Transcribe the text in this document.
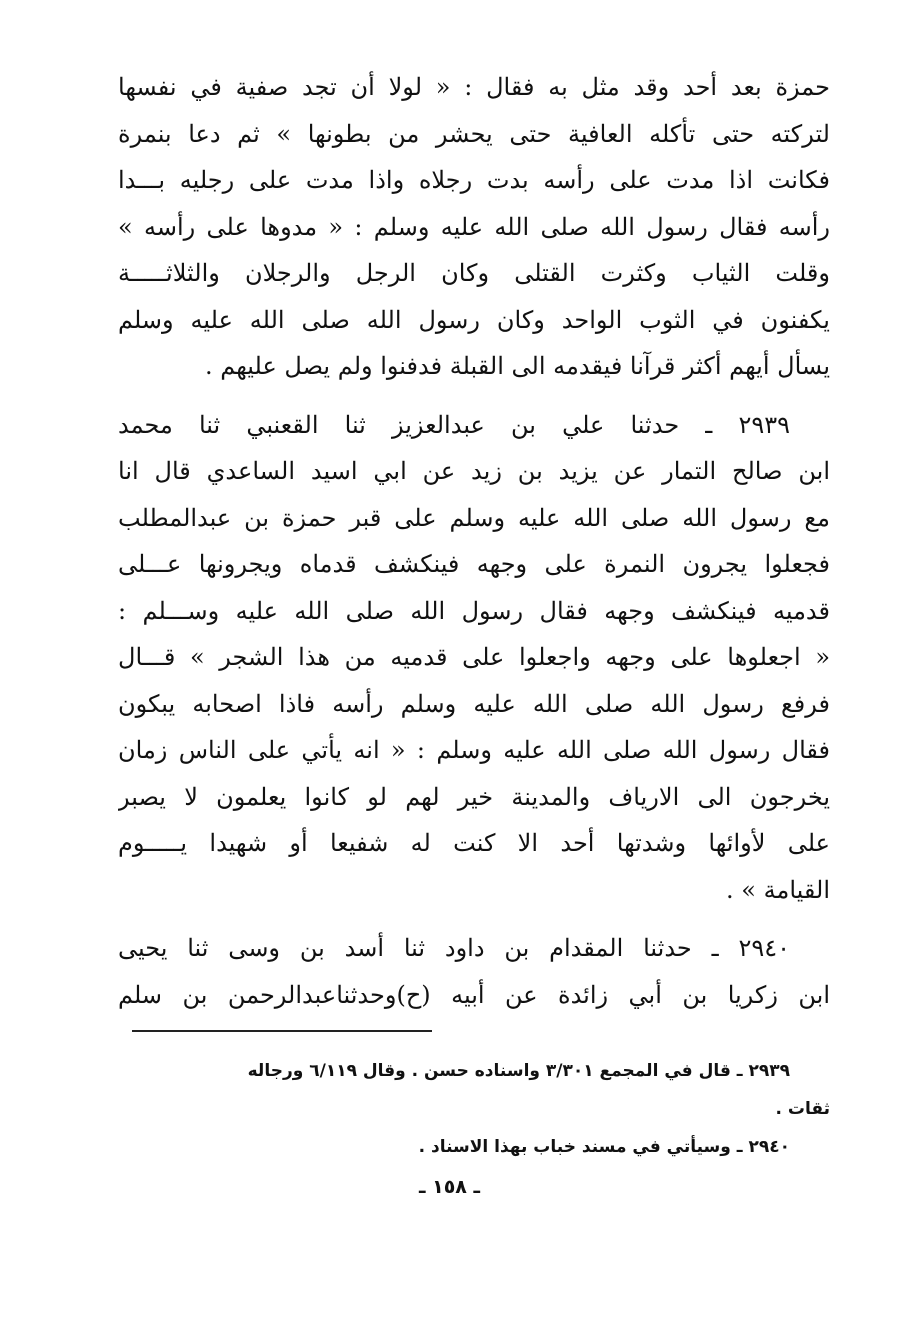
حمزة بعد أحد وقد مثل به فقال : « لولا أن تجد صفية في نفسها
لتركته حتى تأكله العافية حتى يحشر من بطونها » ثم دعا بنمرة
فكانت اذا مدت على رأسه بدت رجلاه واذا مدت على رجليه بـــدا
رأسه فقال رسول الله صلى الله عليه وسلم : « مدوها على رأسه »
وقلت الثياب وكثرت القتلى وكان الرجل والرجلان والثلاثـــــة
يكفنون في الثوب الواحد وكان رسول الله صلى الله عليه وسلم
يسأل أيهم أكثر قرآنا فيقدمه الى القبلة فدفنوا ولم يصل عليهم .
٢٩٣٩ ـ حدثنا علي بن عبدالعزيز ثنا القعنبي ثنا محمد
ابن صالح التمار عن يزيد بن زيد عن ابي اسيد الساعدي قال انا
مع رسول الله صلى الله عليه وسلم على قبر حمزة بن عبدالمطلب
فجعلوا يجرون النمرة على وجهه فينكشف قدماه ويجرونها عـــلى
قدميه فينكشف وجهه فقال رسول الله صلى الله عليه وســـلم :
« اجعلوها على وجهه واجعلوا على قدميه من هذا الشجر » قـــال
فرفع رسول الله صلى الله عليه وسلم رأسه فاذا اصحابه يبكون
فقال رسول الله صلى الله عليه وسلم : « انه يأتي على الناس زمان
يخرجون الى الارياف والمدينة خير لهم لو كانوا يعلمون لا يصبر
على لأوائها وشدتها أحد الا كنت له شفيعا أو شهيدا يـــــوم
القيامة » .
٢٩٤٠ ـ حدثنا المقدام بن داود ثنا أسد بن وسى ثنا يحيى
ابن زكريا بن أبي زائدة عن أبيه (ح)وحدثناعبدالرحمن بن سلم
٢٩٣٩ ـ قال في المجمع ٣/٣٠١ واسناده حسن . وقال ٦/١١٩ ورجاله
ثقات .
٢٩٤٠ ـ وسيأتي في مسند خباب بهذا الاسناد .
ـ ١٥٨ ـ
